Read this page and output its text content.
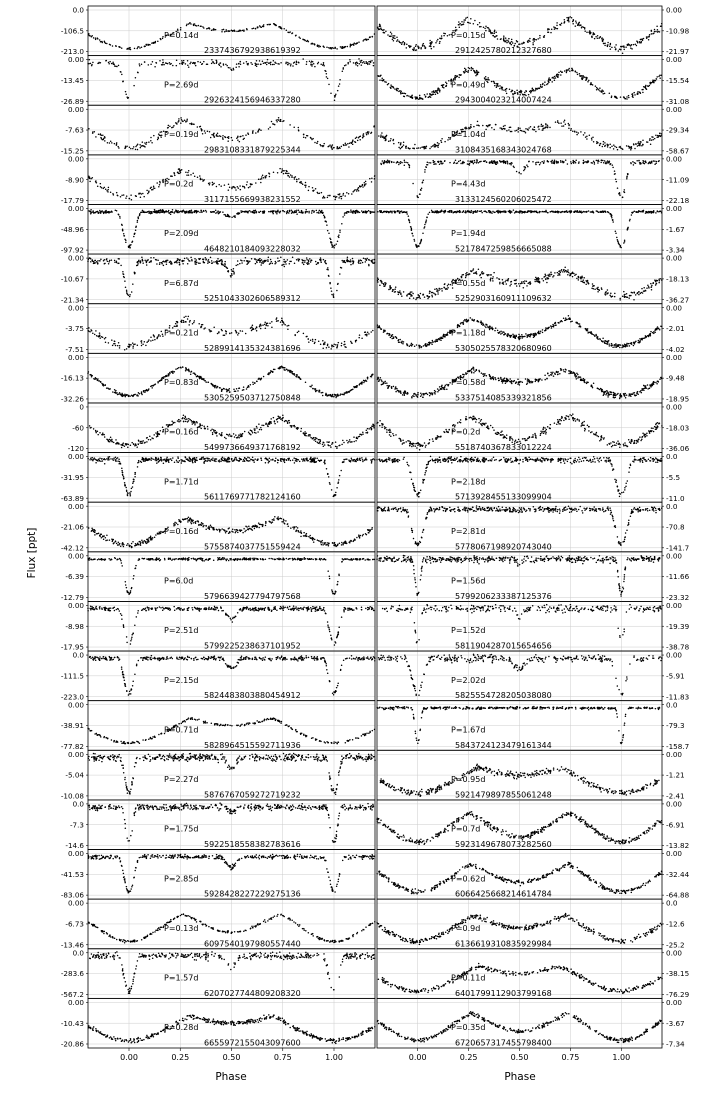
Flux [ppt]
Phase	Phase
0.0
-106.5
-213.0
P=0.14d
2337436792938619392
0.00
-13.45
-26.89
P=2.69d
2926324156946337280
0.00
-7.63
-15.25
P=0.19d
2983108331879225344
0.00
-8.90
-17.79
P=0.2d
3117155669938231552
0.00
-48.96
-97.92
P=2.09d
4648210184093228032
0.00
-10.67
-21.34
P=6.87d
5251043302606589312
0.00
-3.75
-7.51
P=0.21d
5289914135324381696
0.00
-16.13
-32.26
P=0.83d
5305259503712750848
0
-60
-120
P=0.16d
5499736649371768192
0.00
-31.95
-63.89
P=1.71d
5611769771782124160
0.00
-21.06
-42.12
P=0.16d
5755874037751559424
0.00
-6.39
-12.79
P=6.0d
5796639427794797568
0.00
-8.98
-17.95
P=2.51d
5799225238637101952
0.0
-111.5
-223.0
P=2.15d
5824483803880454912
0.00
-38.91
-77.82
P=0.71d
5828964515592711936
0.00
-5.04
-10.08
P=2.27d
5876767059272719232
0.0
-7.3
-14.6
P=1.75d
5922518558382783616
0.00
-41.53
-83.06
P=2.85d
5928428227229275136
0.00
-6.73
-13.46
P=0.13d
6097540197980557440
0.0
-283.6
-567.2
P=1.57d
6207027744809208320
0.00
-10.43
-20.86
P=0.28d
6655972155043097600
0.00	0.25	0.50	0.75	1.00
0.00
-10.98
-21.97
P=0.15d
2912425780212327680
0.00
-15.54
-31.08
P=0.49d
2943004023214007424
0.00
-29.34
-58.67
P=1.04d
3108435168343024768
0.00
-11.09
-22.18
P=4.43d
3133124560206025472
0.00
-1.67
-3.34
P=1.94d
5217847259856665088
0.00
-18.13
-36.27
P=0.55d
5252903160911109632
0.00
-2.01
-4.02
P=1.18d
5305025578320680960
0.00
-9.48
-18.95
P=0.58d
5337514085339321856
0.00
-18.03
-36.06
P=0.2d
5518740367833012224
0.0
-5.5
-11.0
P=2.18d
5713928455133099904
0.0
-70.8
-141.7
P=2.81d
5778067198920743040
0.00
-11.66
-23.32
P=1.56d
5799206233387125376
0.00
-19.39
-38.78
P=1.52d
5811904287015654656
0.00
-5.91
-11.83
P=2.02d
5825554728205038080
0.0
-79.3
-158.7
P=1.67d
5843724123479161344
0.00
-1.21
-2.41
P=0.95d
5921479897855061248
0.00
-6.91
-13.82
P=0.7d
5923149678073282560
0.00
-32.44
-64.88
P=0.62d
6066425668214614784
0.0
-12.6
-25.2
P=0.9d
6136619310835929984
0.00
-38.15
-76.29
P=0.11d
6401799112903799168
0.00
-3.67
-7.34
P=0.35d
6720657317455798400
0.00	0.25	0.50	0.75	1.00
